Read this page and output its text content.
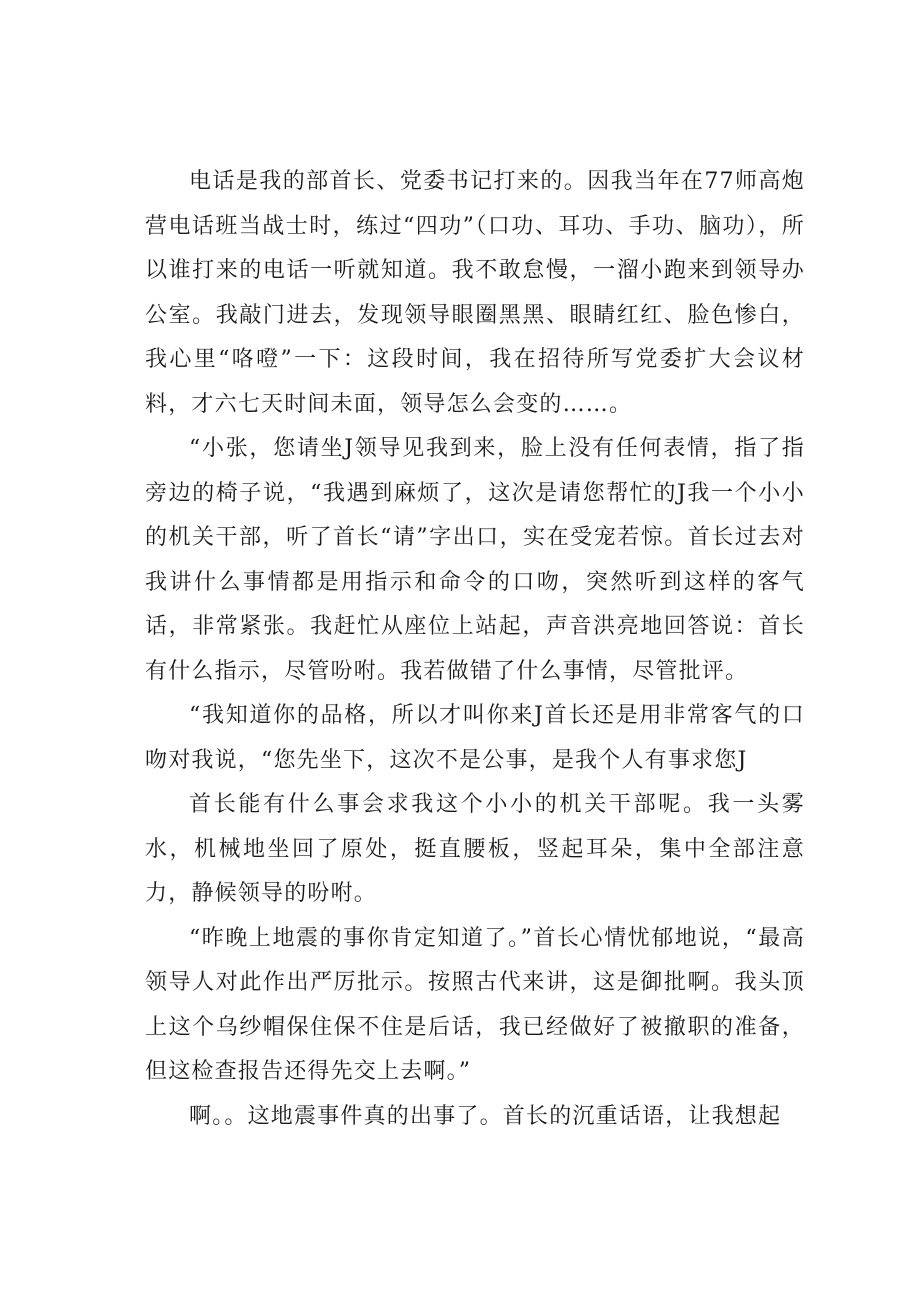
电话是我的部首长、党委书记打来的。因我当年在77师高炮营电话班当战士时，练过“四功”（口功、耳功、手功、脑功），所以谁打来的电话一听就知道。我不敢怠慢，一溜小跑来到领导办公室。我敲门进去，发现领导眼圈黑黑、眼睛红红、脸色惨白，我心里“咯噔”一下：这段时间，我在招待所写党委扩大会议材料，才六七天时间未面，领导怎么会变的……。

“小张，您请坐J领导见我到来，脸上没有任何表情，指了指旁边的椅子说，“我遇到麻烦了，这次是请您帮忙的J我一个小小的机关干部，听了首长“请”字出口，实在受宠若惊。首长过去对我讲什么事情都是用指示和命令的口吻，突然听到这样的客气话，非常紧张。我赶忙从座位上站起，声音洪亮地回答说：首长有什么指示，尽管吩咐。我若做错了什么事情，尽管批评。

“我知道你的品格，所以才叫你来J首长还是用非常客气的口吻对我说，“您先坐下，这次不是公事，是我个人有事求您J

首长能有什么事会求我这个小小的机关干部呢。我一头雾水，机械地坐回了原处，挺直腰板，竖起耳朵，集中全部注意力，静候领导的吩咐。

“昨晚上地震的事你肯定知道了。”首长心情忧郁地说，“最高领导人对此作出严厉批示。按照古代来讲，这是御批啊。我头顶上这个乌纱帽保住保不住是后话，我已经做好了被撤职的准备，但这检查报告还得先交上去啊。”

啊。。这地震事件真的出事了。首长的沉重话语，让我想起
